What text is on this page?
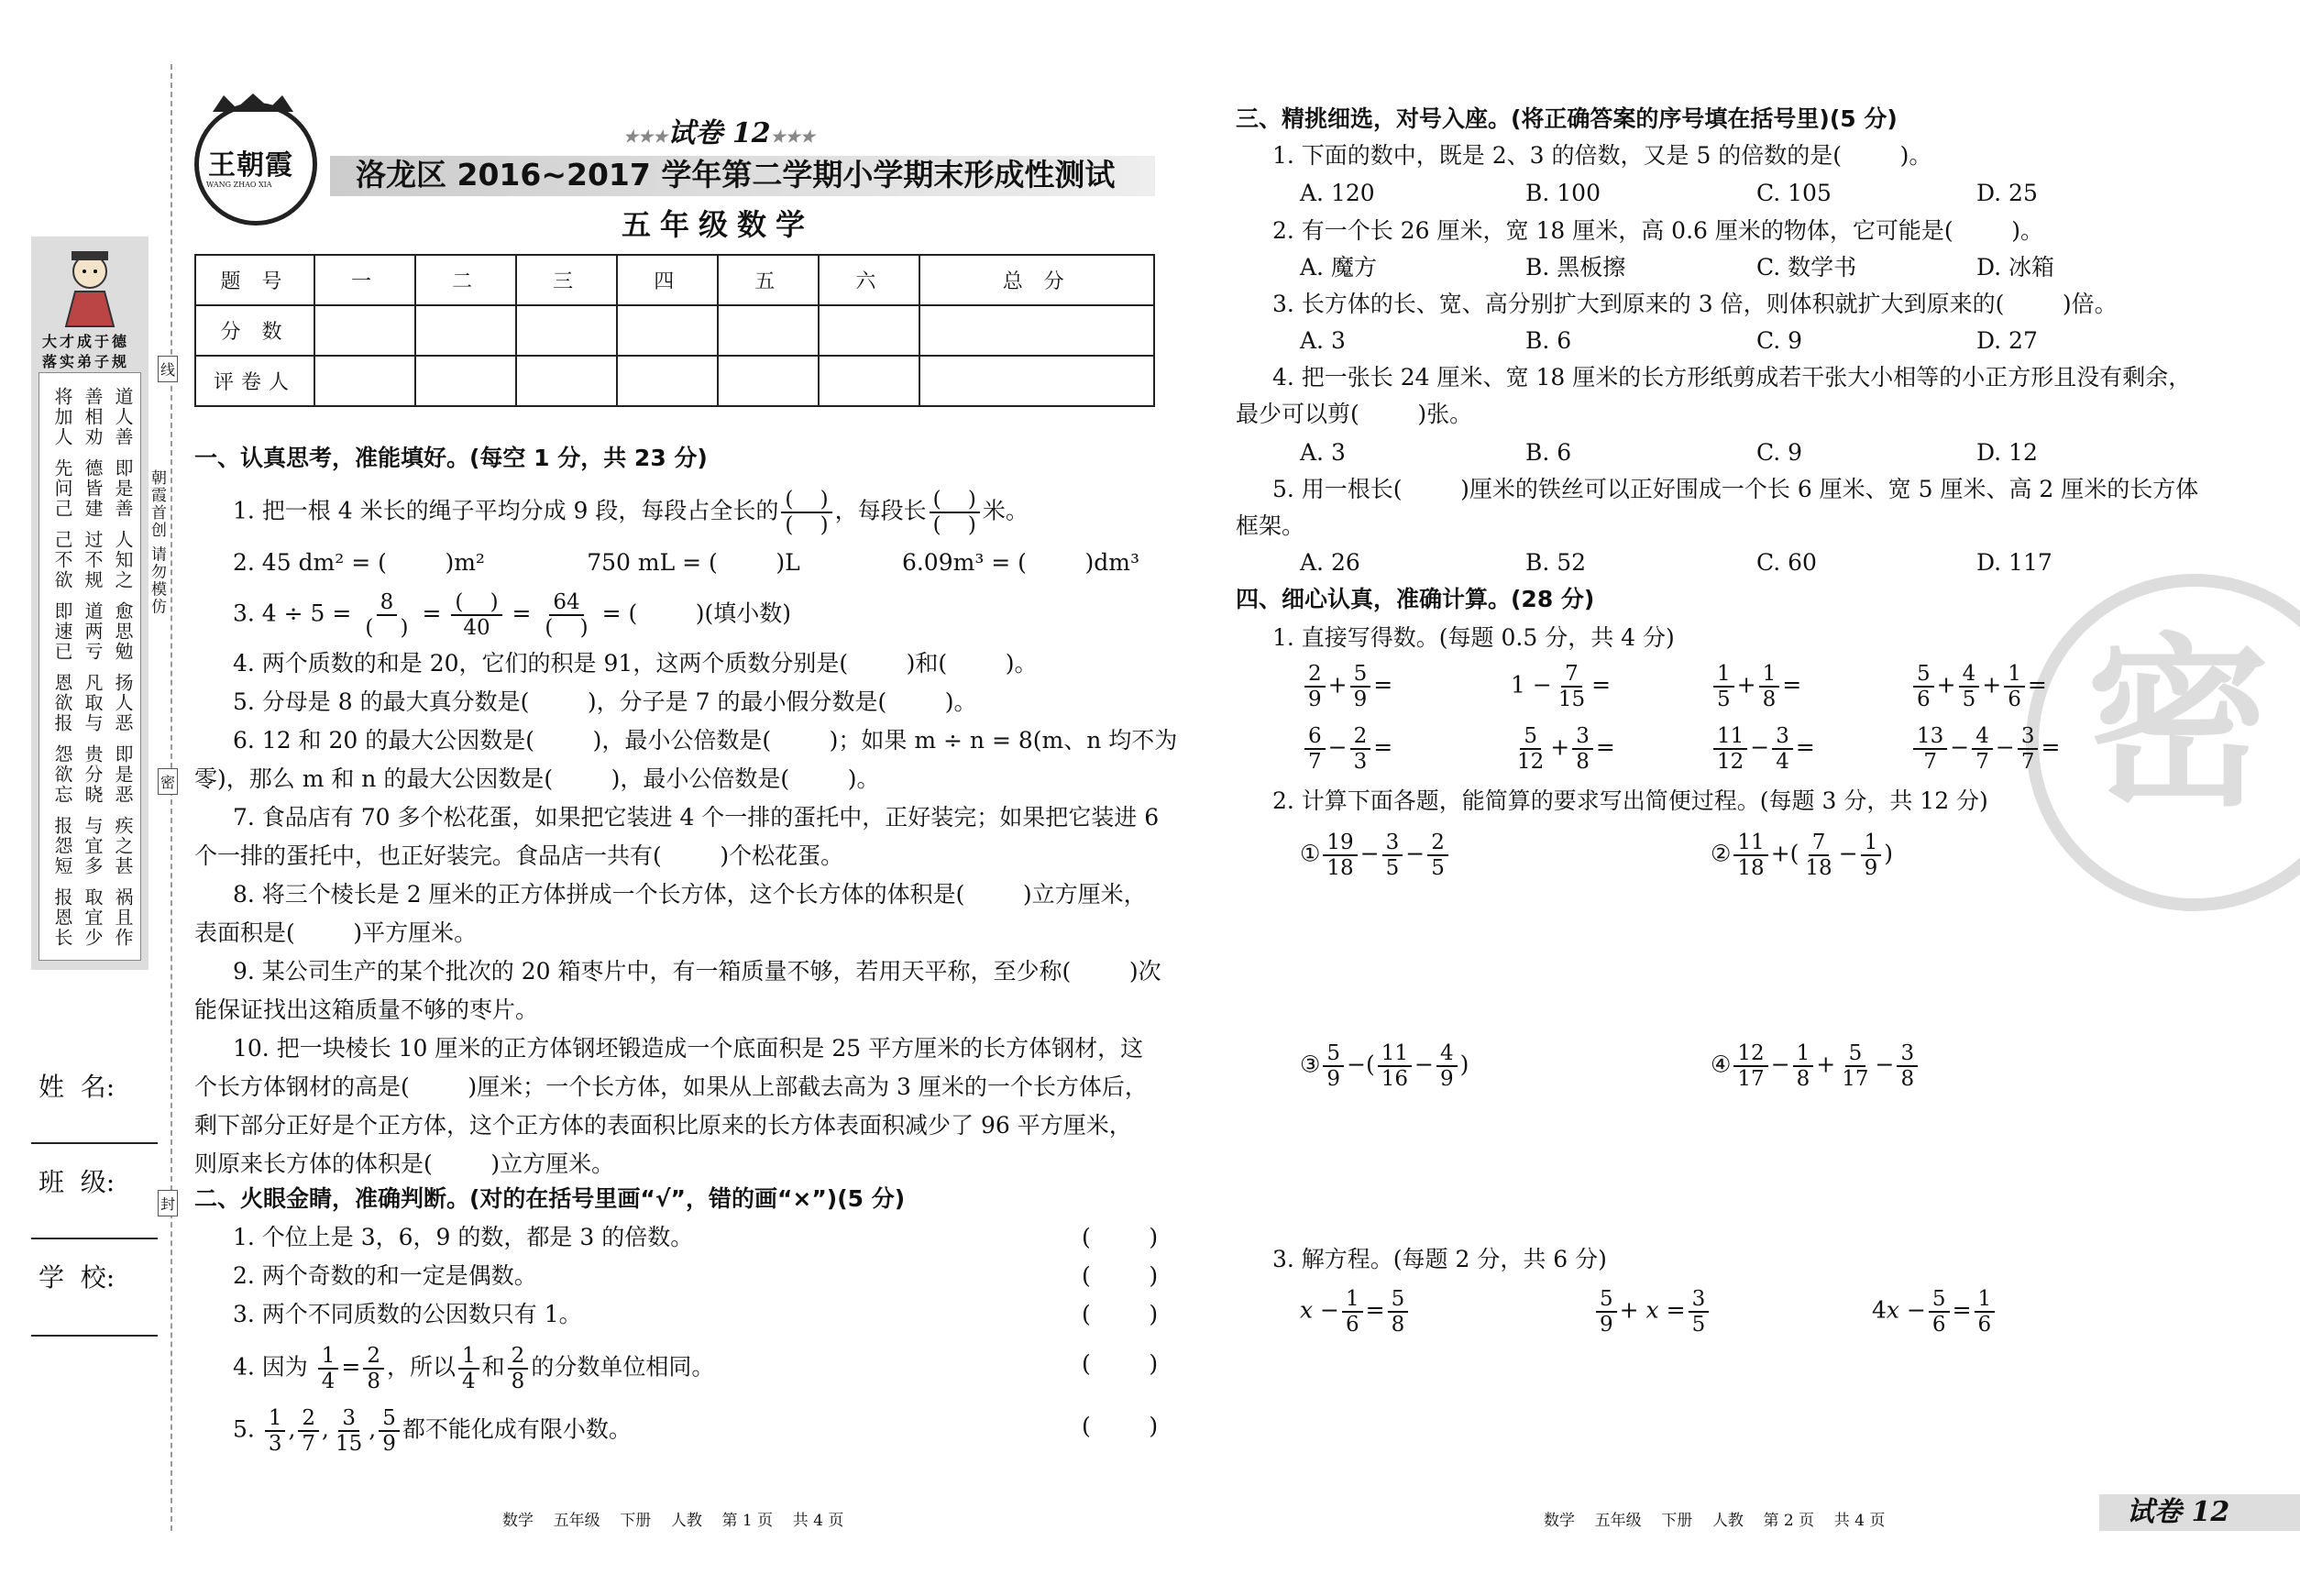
大才成于德
落实弟子规
道人善
善相劝
将加人
即是善
德皆建
先问己
人知之
过不规
己不欲
愈思勉
道两亏
即速已
扬人恶
凡取与
恩欲报
即是恶
贵分晓
怨欲忘
疾之甚
与宜多
报怨短
祸且作
取宜少
报恩长
线
密
封
朝霞首创 请勿模仿
姓  名:
班  级:
学  校:
王朝霞
WANG ZHAO XIA
★★★试卷 12★★★
洛龙区 2016~2017 学年第二学期小学期末形成性测试
五年级数学
题 号	一	二	三	四	五	六	总 分
分 数							
评卷人							
一、认真思考，准能填好。(每空 1 分，共 23 分)
1. 把一根 4 米长的绳子平均分成 9 段，每段占全长的 $\frac{( )}{( )}$ ，每段长 $\frac{( )}{( )}$ 米。
2. 45 dm² = (        )m²              750 mL = (        )L              6.09m³ = (        )dm³
3. $4 \div 5 = \frac{8}{( )} = \frac{( )}{40} = \frac{64}{( )}$ = (        )(填小数)
4. 两个质数的和是 20，它们的积是 91，这两个质数分别是(        )和(        )。
5. 分母是 8 的最大真分数是(        )，分子是 7 的最小假分数是(        )。
6. 12 和 20 的最大公因数是(        )，最小公倍数是(        )；如果 m ÷ n = 8(m、n 均不为
零)，那么 m 和 n 的最大公因数是(        )，最小公倍数是(        )。
7. 食品店有 70 多个松花蛋，如果把它装进 4 个一排的蛋托中，正好装完；如果把它装进 6
个一排的蛋托中，也正好装完。食品店一共有(        )个松花蛋。
8. 将三个棱长是 2 厘米的正方体拼成一个长方体，这个长方体的体积是(        )立方厘米，
表面积是(        )平方厘米。
9. 某公司生产的某个批次的 20 箱枣片中，有一箱质量不够，若用天平称，至少称(        )次
能保证找出这箱质量不够的枣片。
10. 把一块棱长 10 厘米的正方体钢坯锻造成一个底面积是 25 平方厘米的长方体钢材，这
个长方体钢材的高是(        )厘米；一个长方体，如果从上部截去高为 3 厘米的一个长方体后，
剩下部分正好是个正方体，这个正方体的表面积比原来的长方体表面积减少了 96 平方厘米，
则原来长方体的体积是(        )立方厘米。
二、火眼金睛，准确判断。(对的在括号里画“√”，错的画“×”)(5 分)
1. 个位上是 3，6，9 的数，都是 3 的倍数。	(        )
2. 两个奇数的和一定是偶数。	(        )
3. 两个不同质数的公因数只有 1。	(        )
4. 因为 $\frac{1}{4} = \frac{2}{8}$ ，所以 $\frac{1}{4}$ 和 $\frac{2}{8}$ 的分数单位相同。	(        )
5. $\frac{1}{3}$ , $\frac{2}{7}$ , $\frac{3}{15}$ , $\frac{5}{9}$ 都不能化成有限小数。	(        )
数学    五年级    下册    人教    第 1 页    共 4 页
密
三、精挑细选，对号入座。(将正确答案的序号填在括号里)(5 分)
1. 下面的数中，既是 2、3 的倍数，又是 5 的倍数的是(        )。
A. 120	B. 100	C. 105	D. 25
2. 有一个长 26 厘米，宽 18 厘米，高 0.6 厘米的物体，它可能是(        )。
A. 魔方	B. 黑板擦	C. 数学书	D. 冰箱
3. 长方体的长、宽、高分别扩大到原来的 3 倍，则体积就扩大到原来的(        )倍。
A. 3	B. 6	C. 9	D. 27
4. 把一张长 24 厘米、宽 18 厘米的长方形纸剪成若干张大小相等的小正方形且没有剩余，
最少可以剪(        )张。
A. 3	B. 6	C. 9	D. 12
5. 用一根长(        )厘米的铁丝可以正好围成一个长 6 厘米、宽 5 厘米、高 2 厘米的长方体
框架。
A. 26	B. 52	C. 60	D. 117
四、细心认真，准确计算。(28 分)
1. 直接写得数。(每题 0.5 分，共 4 分)
$\frac{2}{9} + \frac{5}{9}$ =	$1 - \frac{7}{15}$ =	$\frac{1}{5} + \frac{1}{8}$ =	$\frac{5}{6} + \frac{4}{5} + \frac{1}{6}$ =
$\frac{6}{7} - \frac{2}{3}$ =	$\frac{5}{12} + \frac{3}{8}$ =	$\frac{11}{12} - \frac{3}{4}$ =	$\frac{13}{7} - \frac{4}{7} - \frac{3}{7}$ =
2. 计算下面各题，能简算的要求写出简便过程。(每题 3 分，共 12 分)
① $\frac{19}{18} - \frac{3}{5} - \frac{2}{5}$	② $\frac{11}{18}$ +( $\frac{7}{18} - \frac{1}{9}$ )
③ $\frac{5}{9}$ −( $\frac{11}{16} - \frac{4}{9}$ )	④ $\frac{12}{17} - \frac{1}{8} + \frac{5}{17} - \frac{3}{8}$
3. 解方程。(每题 2 分，共 6 分)
$x - \frac{1}{6} = \frac{5}{8}$	$\frac{5}{9} + x = \frac{3}{5}$	$4x - \frac{5}{6} = \frac{1}{6}$
数学    五年级    下册    人教    第 2 页    共 4 页	试卷 12
